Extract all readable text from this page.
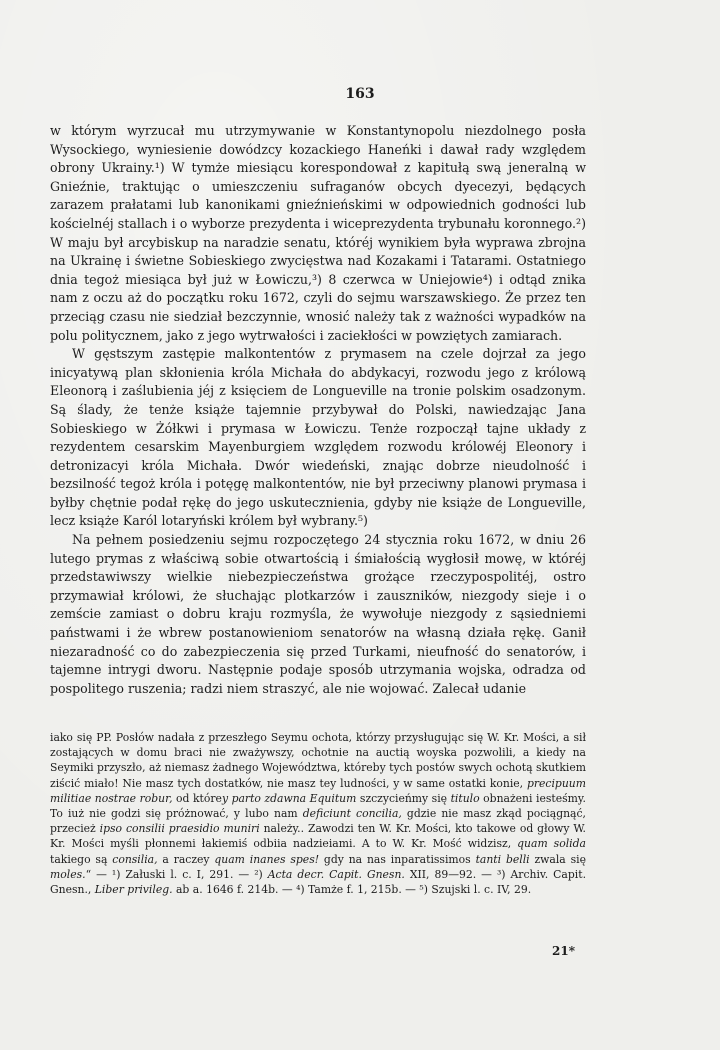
163

w którym wyrzucał mu utrzymywanie w Konstantynopolu niezdolnego posła Wysockiego, wyniesienie dowódzcy kozackiego Haneńki i dawał rady względem obrony Ukrainy.¹) W tymże miesiącu korespondował z kapitułą swą jeneralną w Gnieźnie, traktując o umieszczeniu sufraganów obcych dyecezyi, będących zarazem prałatami lub kanonikami gnieźnieńskimi w odpowiednich godności lub kościelnéj stallach i o wyborze prezydenta i wiceprezydenta trybunału koronnego.²) W maju był arcybiskup na naradzie senatu, któréj wynikiem była wyprawa zbrojna na Ukrainę i świetne Sobieskiego zwycięstwa nad Kozakami i Tatarami. Ostatniego dnia tegoż miesiąca był już w Łowiczu,³) 8 czerwca w Uniejowie⁴) i odtąd znika nam z oczu aż do początku roku 1672, czyli do sejmu warszawskiego. Że przez ten przeciąg czasu nie siedział bezczynnie, wnosić należy tak z ważności wypadków na polu politycznem, jako z jego wytrwałości i zaciekłości w powziętych zamiarach.

W gęstszym zastępie malkontentów z prymasem na czele dojrzał za jego inicyatywą plan skłonienia króla Michała do abdykacyi, rozwodu jego z królową Eleonorą i zaślubienia jéj z księciem de Longueville na tronie polskim osadzonym. Są ślady, że tenże książe tajemnie przybywał do Polski, nawiedzając Jana Sobieskiego w Żółkwi i prymasa w Łowiczu. Tenże rozpoczął tajne układy z rezydentem cesarskim Mayenburgiem względem rozwodu królowéj Eleonory i detronizacyi króla Michała. Dwór wiedeński, znając dobrze nieudolność i bezsilność tegoż króla i potęgę malkontentów, nie był przeciwny planowi prymasa i byłby chętnie podał rękę do jego uskutecznienia, gdyby nie książe de Longueville, lecz książe Karól lotaryński królem był wybrany.⁵)

Na pełnem posiedzeniu sejmu rozpoczętego 24 stycznia roku 1672, w dniu 26 lutego prymas z właściwą sobie otwartością i śmiałością wygłosił mowę, w któréj przedstawiwszy wielkie niebezpieczeństwa grożące rzeczypospolitéj, ostro przymawiał królowi, że słuchając plotkarzów i zauszników, niezgody sieje i o zemście zamiast o dobru kraju rozmyśla, że wywołuje niezgody z sąsiedniemi państwami i że wbrew postanowieniom senatorów na własną działa rękę. Ganił niezaradność co do zabezpieczenia się przed Turkami, nieufność do senatorów, i tajemne intrygi dworu. Następnie podaje sposób utrzymania wojska, odradza od pospolitego ruszenia; radzi niem straszyć, ale nie wojować. Zalecał udanie

iako się PP. Posłów nadała z przeszłego Seymu ochota, którzy przysługując się W. Kr. Mości, a sił zostających w domu braci nie zważywszy, ochotnie na auctią woyska pozwolili, a kiedy na Seymiki przyszło, aż niemasz żadnego Województwa, któreby tych postów swych ochotą skutkiem ziścić miało! Nie masz tych dostatków, nie masz tey ludności, y w same ostatki konie, precipuum militiae nostrae robur, od którey parto zdawna Equitum szczycieńmy się titulo obnażeni iesteśmy. To iuż nie godzi się próżnować, y lubo nam deficiunt concilia, gdzie nie masz zkąd pociągnąć, przecież ipso consilii praesidio muniri należy.. Zawodzi ten W. Kr. Mości, kto takowe od głowy W. Kr. Mości myśli płonnemi łakiemiś odbiia nadzieiami. A to W. Kr. Mość widzisz, quam solida takiego są consilia, a raczey quam inanes spes! gdy na nas inparatissimos tanti belli zwala się moles.“ — ¹) Załuski l. c. I, 291. — ²) Acta decr. Capit. Gnesn. XII, 89—92. — ³) Archiv. Capit. Gnesn., Liber privileg. ab a. 1646 f. 214b. — ⁴) Tamże f. 1, 215b. — ⁵) Szujski l. c. IV, 29.

21*
